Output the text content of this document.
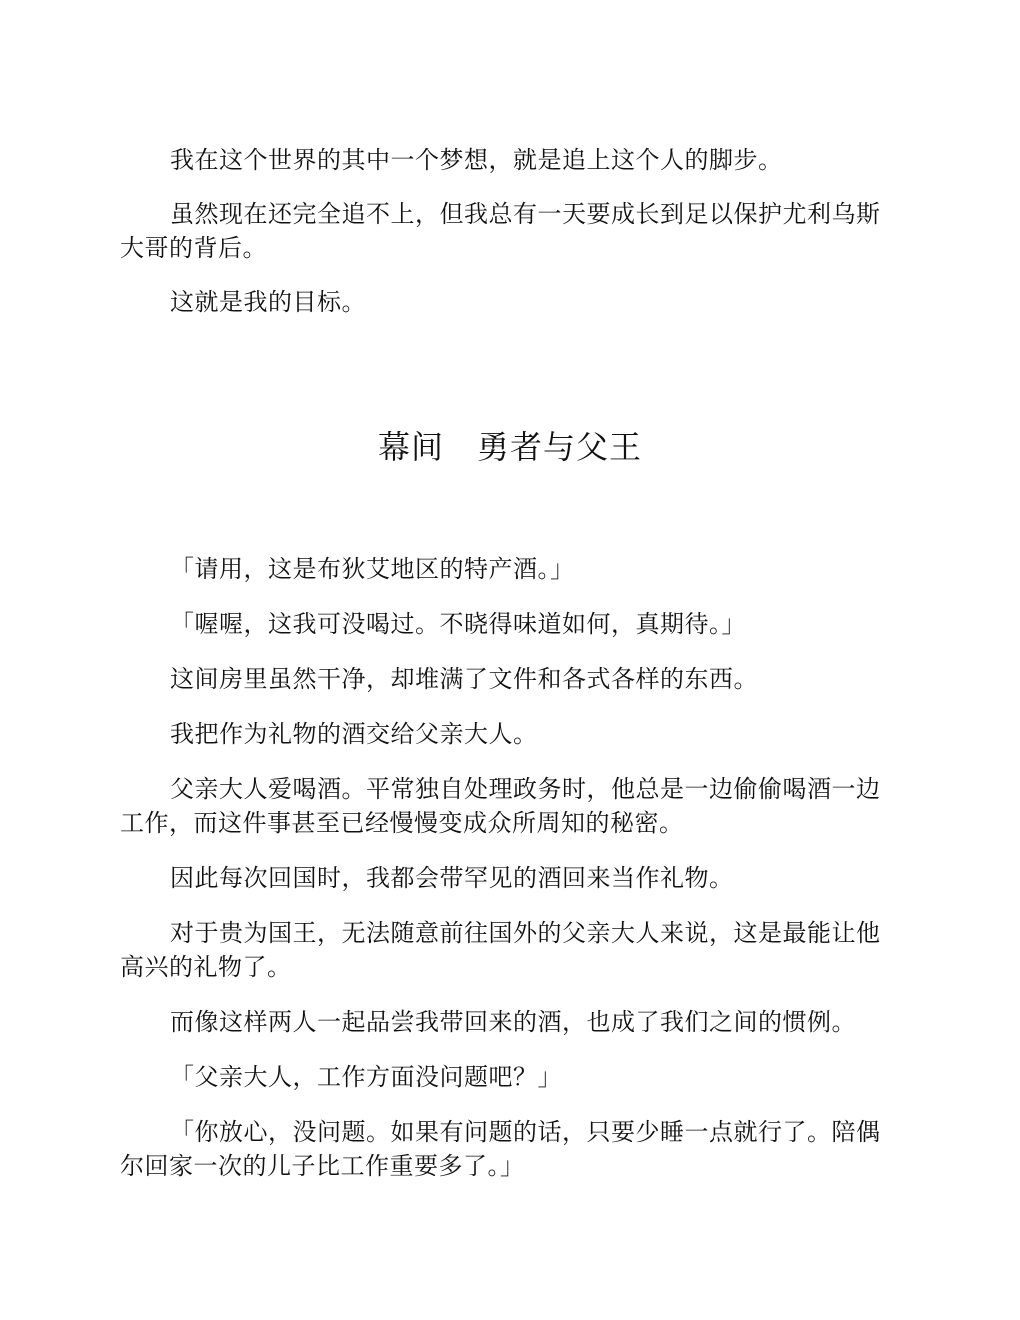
我在这个世界的其中一个梦想，就是追上这个人的脚步。

虽然现在还完全追不上，但我总有一天要成长到足以保护尤利乌斯大哥的背后。

这就是我的目标。

幕间　勇者与父王

「请用，这是布狄艾地区的特产酒。」

「喔喔，这我可没喝过。不晓得味道如何，真期待。」

这间房里虽然干净，却堆满了文件和各式各样的东西。

我把作为礼物的酒交给父亲大人。

父亲大人爱喝酒。平常独自处理政务时，他总是一边偷偷喝酒一边工作，而这件事甚至已经慢慢变成众所周知的秘密。

因此每次回国时，我都会带罕见的酒回来当作礼物。

对于贵为国王，无法随意前往国外的父亲大人来说，这是最能让他高兴的礼物了。

而像这样两人一起品尝我带回来的酒，也成了我们之间的惯例。

「父亲大人，工作方面没问题吧？」

「你放心，没问题。如果有问题的话，只要少睡一点就行了。陪偶尔回家一次的儿子比工作重要多了。」
